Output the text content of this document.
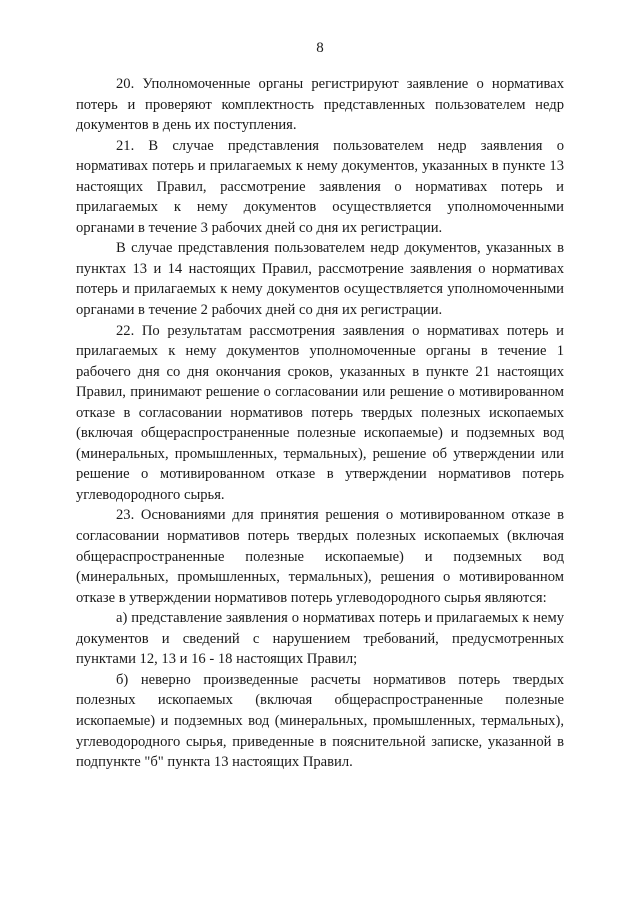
8

20. Уполномоченные органы регистрируют заявление о нормативах потерь и проверяют комплектность представленных пользователем недр документов в день их поступления.

21. В случае представления пользователем недр заявления о нормативах потерь и прилагаемых к нему документов, указанных в пункте 13 настоящих Правил, рассмотрение заявления о нормативах потерь и прилагаемых к нему документов осуществляется уполномоченными органами в течение 3 рабочих дней со дня их регистрации.

В случае представления пользователем недр документов, указанных в пунктах 13 и 14 настоящих Правил, рассмотрение заявления о нормативах потерь и прилагаемых к нему документов осуществляется уполномоченными органами в течение 2 рабочих дней со дня их регистрации.

22. По результатам рассмотрения заявления о нормативах потерь и прилагаемых к нему документов уполномоченные органы в течение 1 рабочего дня со дня окончания сроков, указанных в пункте 21 настоящих Правил, принимают решение о согласовании или решение о мотивированном отказе в согласовании нормативов потерь твердых полезных ископаемых (включая общераспространенные полезные ископаемые) и подземных вод (минеральных, промышленных, термальных), решение об утверждении или решение о мотивированном отказе в утверждении нормативов потерь углеводородного сырья.

23. Основаниями для принятия решения о мотивированном отказе в согласовании нормативов потерь твердых полезных ископаемых (включая общераспространенные полезные ископаемые) и подземных вод (минеральных, промышленных, термальных), решения о мотивированном отказе в утверждении нормативов потерь углеводородного сырья являются:

а) представление заявления о нормативах потерь и прилагаемых к нему документов и сведений с нарушением требований, предусмотренных пунктами 12, 13 и 16 - 18 настоящих Правил;

б) неверно произведенные расчеты нормативов потерь твердых полезных ископаемых (включая общераспространенные полезные ископаемые) и подземных вод (минеральных, промышленных, термальных), углеводородного сырья, приведенные в пояснительной записке, указанной в подпункте "б" пункта 13 настоящих Правил.
